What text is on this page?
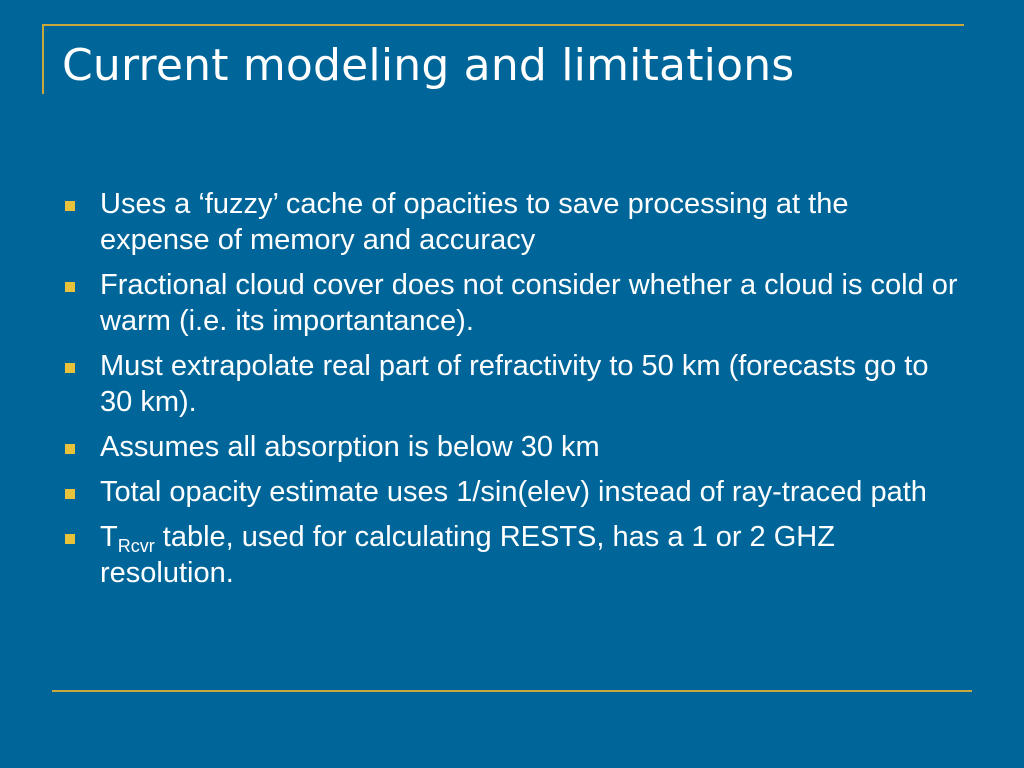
Current modeling and limitations
Uses a ‘fuzzy’ cache of opacities to save processing at the expense of memory and accuracy
Fractional cloud cover does not consider whether a cloud is cold or warm (i.e. its importantance).
Must extrapolate real part of refractivity to 50 km (forecasts go to 30 km).
Assumes all absorption is below 30 km
Total opacity estimate uses 1/sin(elev) instead of ray-traced path
$T_{Rcvr}$ table, used for calculating RESTS, has a 1 or 2 GHZ resolution.
